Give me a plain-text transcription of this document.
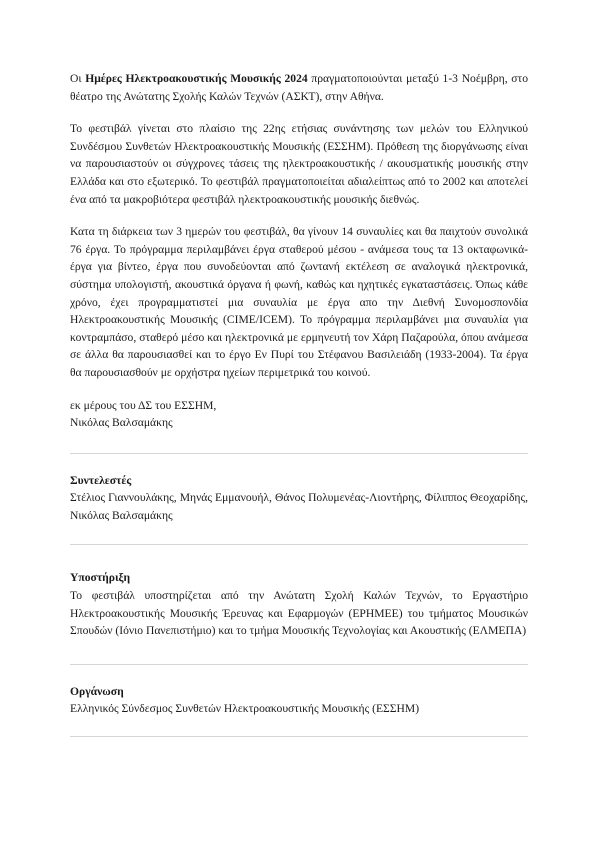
Οι Ημέρες Ηλεκτροακουστικής Μουσικής 2024 πραγματοποιούνται μεταξύ 1-3 Νοέμβρη, στο θέατρο της Ανώτατης Σχολής Καλών Τεχνών (ΑΣΚΤ), στην Αθήνα.

Το φεστιβάλ γίνεται στο πλαίσιο της 22ης ετήσιας συνάντησης των μελών του Ελληνικού Συνδέσμου Συνθετών Ηλεκτροακουστικής Μουσικής (ΕΣΣΗΜ). Πρόθεση της διοργάνωσης είναι να παρουσιαστούν οι σύγχρονες τάσεις της ηλεκτροακουστικής / ακουσματικής μουσικής στην Ελλάδα και στο εξωτερικό. Το φεστιβάλ πραγματοποιείται αδιαλείπτως από το 2002 και αποτελεί ένα από τα μακροβιότερα φεστιβάλ ηλεκτροακουστικής μουσικής διεθνώς.

Κατα τη διάρκεια των 3 ημερών του φεστιβάλ, θα γίνουν 14 συναυλίες και θα παιχτούν συνολικά 76 έργα. Το πρόγραμμα περιλαμβάνει έργα σταθερού μέσου - ανάμεσα τους τα 13 οκταφωνικά- έργα για βίντεο, έργα που συνοδεύονται από ζωντανή εκτέλεση σε αναλογικά ηλεκτρονικά, σύστημα υπολογιστή, ακουστικά όργανα ή φωνή, καθώς και ηχητικές εγκαταστάσεις. Όπως κάθε χρόνο, έχει προγραμματιστεί μια συναυλία με έργα απο την Διεθνή Συνομοσπονδία Ηλεκτροακουστικής Μουσικής (CIME/ICEM). Το πρόγραμμα περιλαμβάνει μια συναυλία για κοντραμπάσο, σταθερό μέσο και ηλεκτρονικά με ερμηνευτή τον Χάρη Παζαρούλα, όπου ανάμεσα σε άλλα θα παρουσιασθεί και το έργο Εν Πυρί του Στέφανου Βασιλειάδη (1933-2004). Τα έργα θα παρουσιασθούν με ορχήστρα ηχείων περιμετρικά του κοινού.

εκ μέρους του ΔΣ του ΕΣΣΗΜ,

Νικόλας Βαλσαμάκης

Συντελεστές

Στέλιος Γιαννουλάκης, Μηνάς Εμμανουήλ, Θάνος Πολυμενέας-Λιοντήρης, Φίλιππος Θεοχαρίδης, Νικόλας Βαλσαμάκης

Υποστήριξη

Το φεστιβάλ υποστηρίζεται από την Ανώτατη Σχολή Καλών Τεχνών, το Εργαστήριο Ηλεκτροακουστικής Μουσικής Έρευνας και Εφαρμογών (ΕΡΗΜΕΕ) του τμήματος Μουσικών Σπουδών (Ιόνιο Πανεπιστήμιο) και το τμήμα Μουσικής Τεχνολογίας και Ακουστικής (ΕΛΜΕΠΑ)

Οργάνωση

Ελληνικός Σύνδεσμος Συνθετών Ηλεκτροακουστικής Μουσικής (ΕΣΣΗΜ)
